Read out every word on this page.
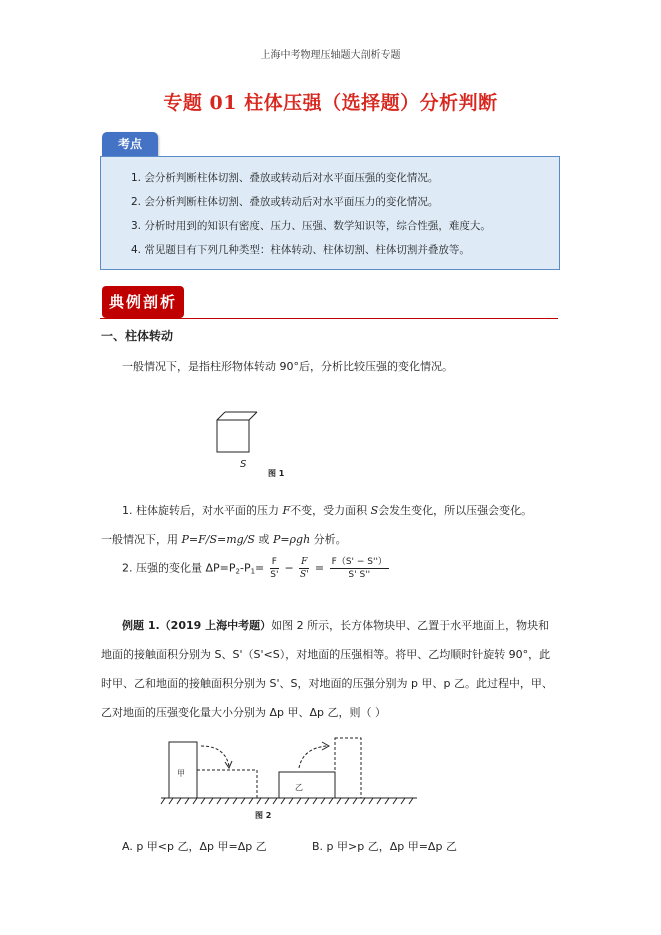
上海中考物理压轴题大剖析专题
专题 01 柱体压强（选择题）分析判断
考点
1. 会分析判断柱体切割、叠放或转动后对水平面压强的变化情况。
2. 会分析判断柱体切割、叠放或转动后对水平面压力的变化情况。
3. 分析时用到的知识有密度、压力、压强、数学知识等，综合性强，难度大。
4. 常见题目有下列几种类型：柱体转动、柱体切割、柱体切割并叠放等。
典例剖析
一、柱体转动
一般情况下，是指柱形物体转动 90°后，分析比较压强的变化情况。
S
图 1
1. 柱体旋转后，对水平面的压力 F不变，受力面积 S会发生变化，所以压强会变化。
一般情况下，用 P=F/S=mg/S 或 P=ρgh 分析。
2. 压强的变化量 $\Delta P=P_2-P_1= \frac{F}{S'} - \frac{F}{S'} = \frac{F(S' - S'')}{S' S''}$
例题 1.（2019 上海中考题）如图 2 所示，长方体物块甲、乙置于水平地面上，物块和
地面的接触面积分别为 S、S'（S'<S），对地面的压强相等。将甲、乙均顺时针旋转 90°，此
时甲、乙和地面的接触面积分别为 S'、S，对地面的压强分别为 p 甲、p 乙。此过程中，甲、
乙对地面的压强变化量大小分别为 Δp 甲、Δp 乙，则（ ）
甲
乙
图 2
A. p 甲<p 乙，Δp 甲=Δp 乙	B. p 甲>p 乙，Δp 甲=Δp 乙
